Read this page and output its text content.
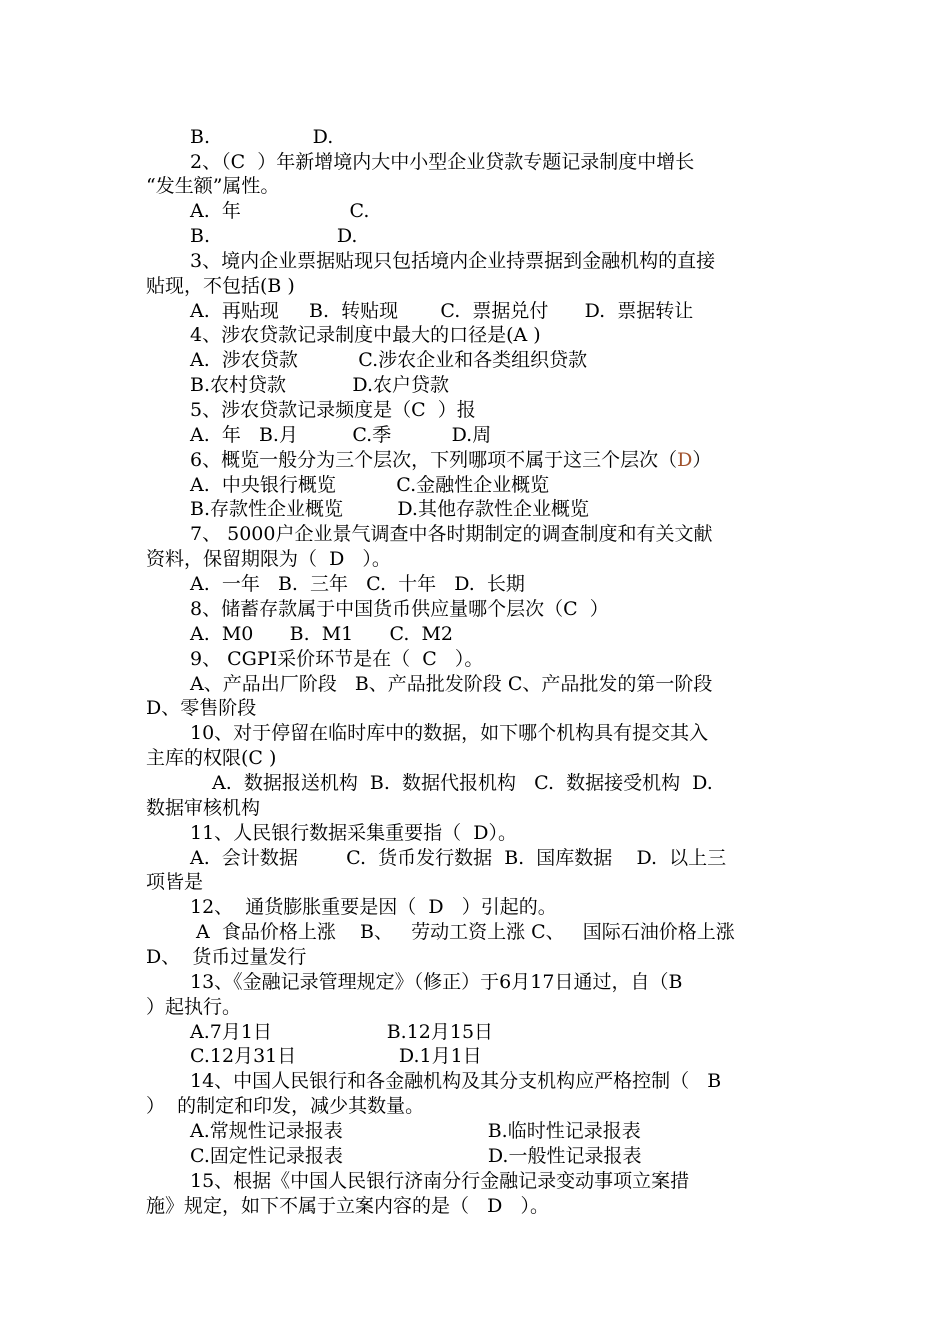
B.                 D.
2、（C  ）年新增境内大中小型企业贷款专题记录制度中增长
“发生额”属性。
A.  年                  C.
B.                     D.
3、境内企业票据贴现只包括境内企业持票据到金融机构的直接
贴现，不包括(B )
A.  再贴现     B.  转贴现       C.  票据兑付      D.  票据转让
4、涉农贷款记录制度中最大的口径是(A )
A.  涉农贷款          C.涉农企业和各类组织贷款
B.农村贷款           D.农户贷款
5、涉农贷款记录频度是（C  ）报
A.  年   B.月         C.季          D.周
6、概览一般分为三个层次，下列哪项不属于这三个层次（D）
A.  中央银行概览          C.金融性企业概览
B.存款性企业概览         D.其他存款性企业概览
7、 5000户企业景气调查中各时期制定的调查制度和有关文献
资料，保留期限为（  D   ）。
A.  一年   B.  三年   C.  十年   D.  长期
8、储蓄存款属于中国货币供应量哪个层次（C  ）
A.  M0      B.  M1      C.  M2
9、 CGPI采价环节是在（  C   ）。
A、产品出厂阶段   B、产品批发阶段 C、产品批发的第一阶段
D、零售阶段
10、对于停留在临时库中的数据，如下哪个机构具有提交其入
主库的权限(C )
A.  数据报送机构  B.  数据代报机构   C.  数据接受机构  D.
数据审核机构
11、人民银行数据采集重要指（  D）。
A.  会计数据        C.  货币发行数据  B.  国库数据    D.  以上三
项皆是
12、  通货膨胀重要是因（  D   ）引起的。
A  食品价格上涨    B、   劳动工资上涨 C、   国际石油价格上涨
D、  货币过量发行
13、《金融记录管理规定》（修正）于6月17日通过，自（B
）起执行。
A.7月1日                   B.12月15日
C.12月31日                 D.1月1日
14、中国人民银行和各金融机构及其分支机构应严格控制（   B
）  的制定和印发，减少其数量。
A.常规性记录报表                        B.临时性记录报表
C.固定性记录报表                        D.一般性记录报表
15、根据《中国人民银行济南分行金融记录变动事项立案措
施》规定，如下不属于立案内容的是（   D   ）。
